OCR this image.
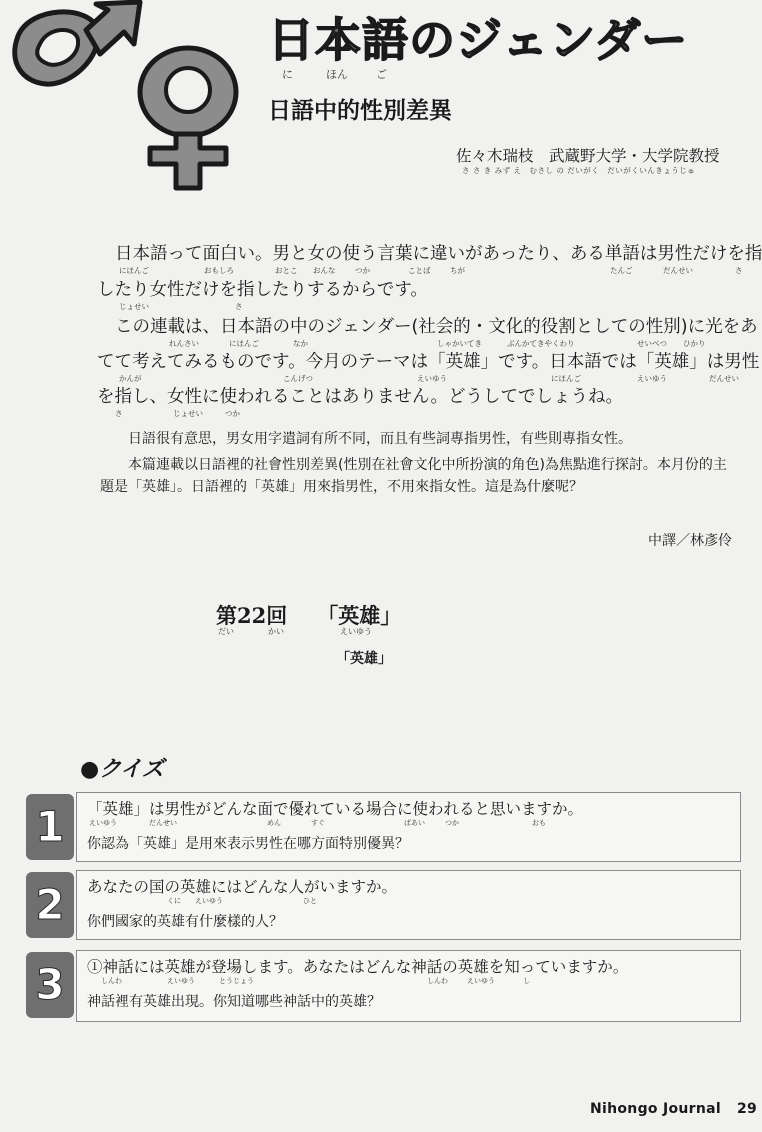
日本語のジェンダー
に	ほん	ご
日語中的性別差異
佐々木瑞枝　武蔵野大学・大学院教授
さ さ き みず え　むさし の だいがく　だいがくいんきょうじゅ
日本語って面白い。男と女の使う言葉に違いがあったり、ある単語は男性だけを指
にほんご	おもしろ	おとこ おんな	つか	ことば	ちが	たんご	だんせい	さ
したり女性だけを指したりするからです。
じょせい	さ
この連載は、日本語の中のジェンダー(社会的・文化的役割としての性別)に光をあ
れんさい	にほんご	なか	しゃかいてき	ぶんかてきやくわり	せいべつ ひかり
てて考えてみるものです。今月のテーマは「英雄」です。日本語では「英雄」は男性
かんが	こんげつ	えいゆう	にほんご	えいゆう	だんせい
を指し、女性に使われることはありません。どうしてでしょうね。
さ	じょせい	つか
日語很有意思，男女用字遣詞有所不同，而且有些詞專指男性，有些則專指女性。
本篇連載以日語裡的社會性別差異(性別在社會文化中所扮演的角色)為焦點進行探討。本月份的主題是「英雄」。日語裡的「英雄」用來指男性，不用來指女性。這是為什麼呢？
中譯／林彥伶
第22回 「英雄」
だい	かい	えいゆう
「英雄」
●クイズ
1	「英雄」は男性がどんな面で優れている場合に使われると思いますか。
えいゆう	だんせい	めん	すぐ	ばあい	つか	おも
你認為「英雄」是用來表示男性在哪方面特別優異？
2	あなたの国の英雄にはどんな人がいますか。
くに えいゆう	ひと
你們國家的英雄有什麼樣的人？
3	①神話には英雄が登場します。あなたはどんな神話の英雄を知っていますか。
しんわ	えいゆう	とうじょう	しんわ	えいゆう	し
神話裡有英雄出現。你知道哪些神話中的英雄？
Nihongo Journal 29
